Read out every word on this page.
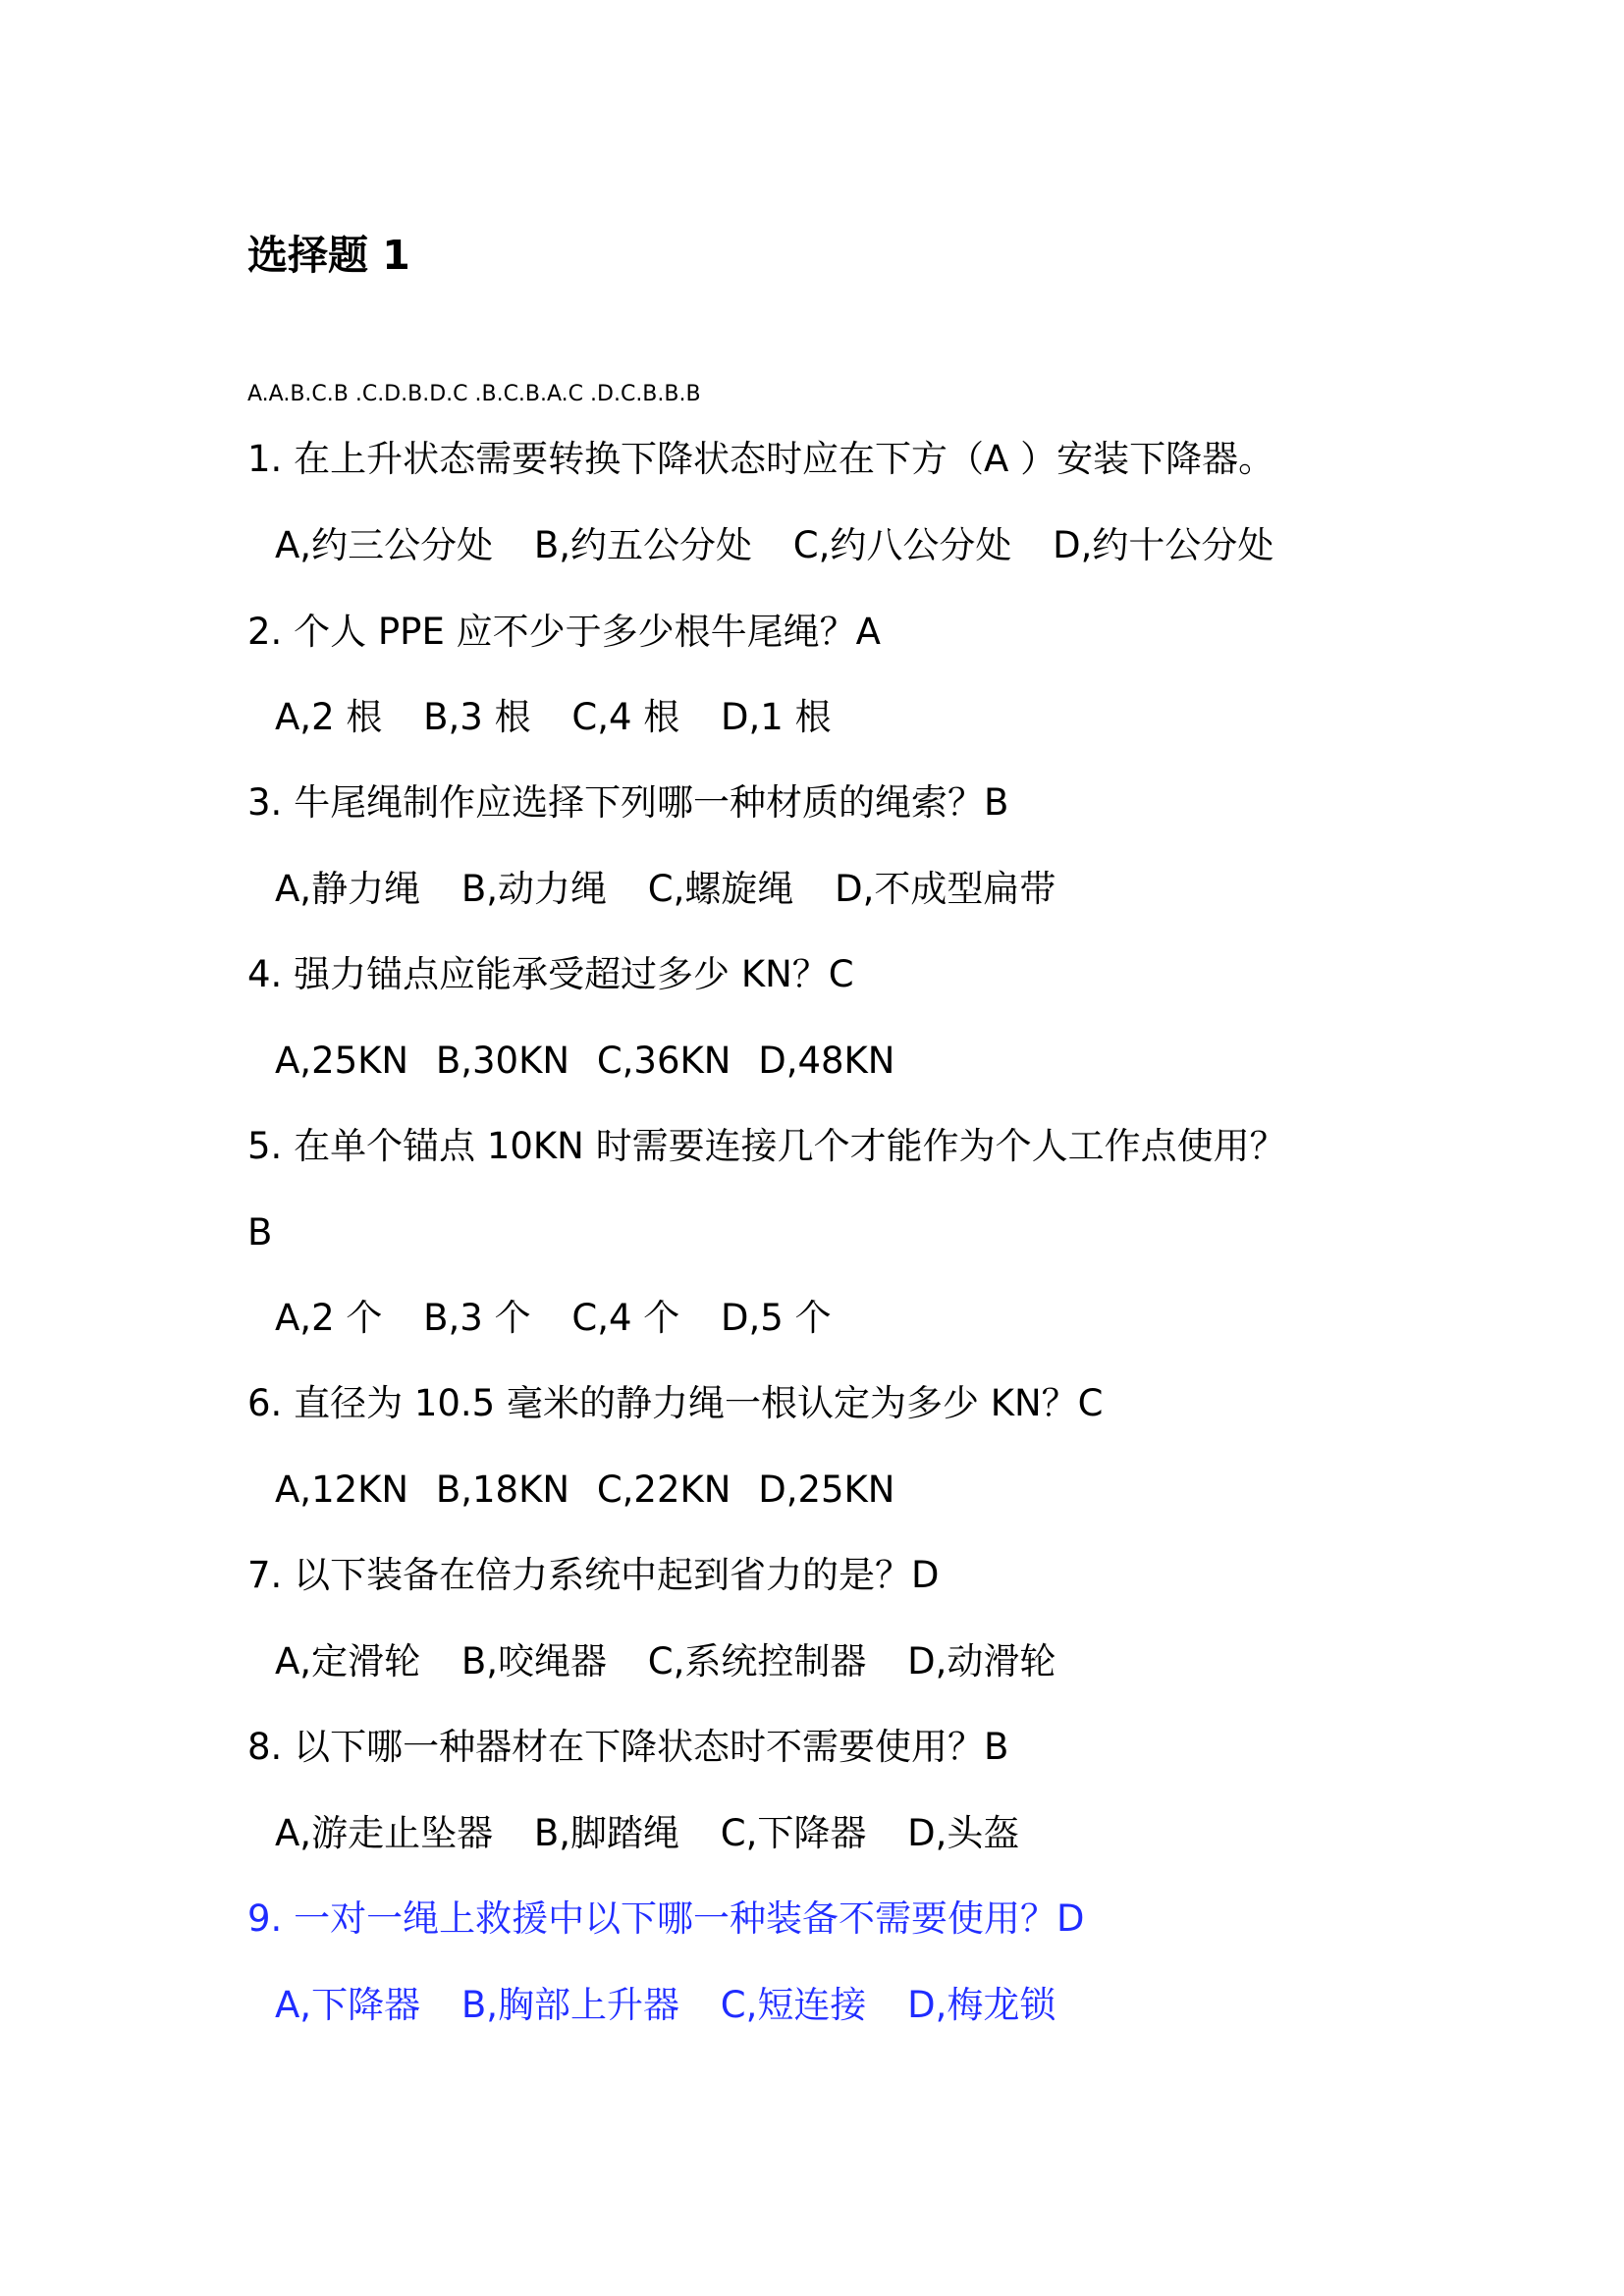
选择题 1
A.A.B.C.B .C.D.B.D.C .B.C.B.A.C .D.C.B.B.B
1. 在上升状态需要转换下降状态时应在下方（A ）安装下降器。
A,约三公分处 B,约五公分处 C,约八公分处 D,约十公分处
2. 个人 PPE 应不少于多少根牛尾绳？A
A,2 根 B,3 根 C,4 根 D,1 根
3. 牛尾绳制作应选择下列哪一种材质的绳索？B
A,静力绳 B,动力绳 C,螺旋绳 D,不成型扁带
4. 强力锚点应能承受超过多少 KN？C
A,25KN B,30KN C,36KN D,48KN
5. 在单个锚点 10KN 时需要连接几个才能作为个人工作点使用？
B
A,2 个 B,3 个 C,4 个 D,5 个
6. 直径为 10.5 毫米的静力绳一根认定为多少 KN？C
A,12KN B,18KN C,22KN D,25KN
7. 以下装备在倍力系统中起到省力的是？D
A,定滑轮 B,咬绳器 C,系统控制器 D,动滑轮
8. 以下哪一种器材在下降状态时不需要使用？B
A,游走止坠器 B,脚踏绳 C,下降器 D,头盔
9. 一对一绳上救援中以下哪一种装备不需要使用？D
A,下降器 B,胸部上升器 C,短连接 D,梅龙锁
